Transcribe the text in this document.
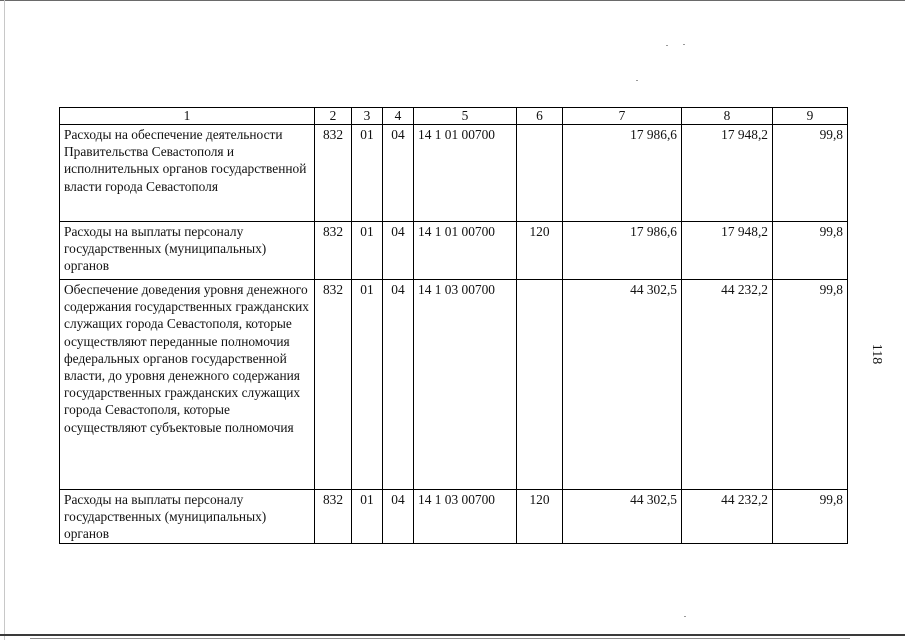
1	2	3	4	5	6	7	8	9
Расходы на обеспечение деятельности Правительства Севастополя и исполнительных органов государственной власти города Севастополя	832	01	04	14 1 01 00700		17 986,6	17 948,2	99,8
Расходы на выплаты персоналу государственных (муниципальных) органов	832	01	04	14 1 01 00700	120	17 986,6	17 948,2	99,8
Обеспечение доведения уровня денежного содержания государственных гражданских служащих города Севастополя, которые осуществляют переданные полномочия федеральных органов государственной власти, до уровня денежного содержания государственных гражданских служащих города Севастополя, которые осуществляют субъектовые полномочия	832	01	04	14 1 03 00700		44 302,5	44 232,2	99,8
Расходы на выплаты персоналу государственных (муниципальных) органов	832	01	04	14 1 03 00700	120	44 302,5	44 232,2	99,8
118
